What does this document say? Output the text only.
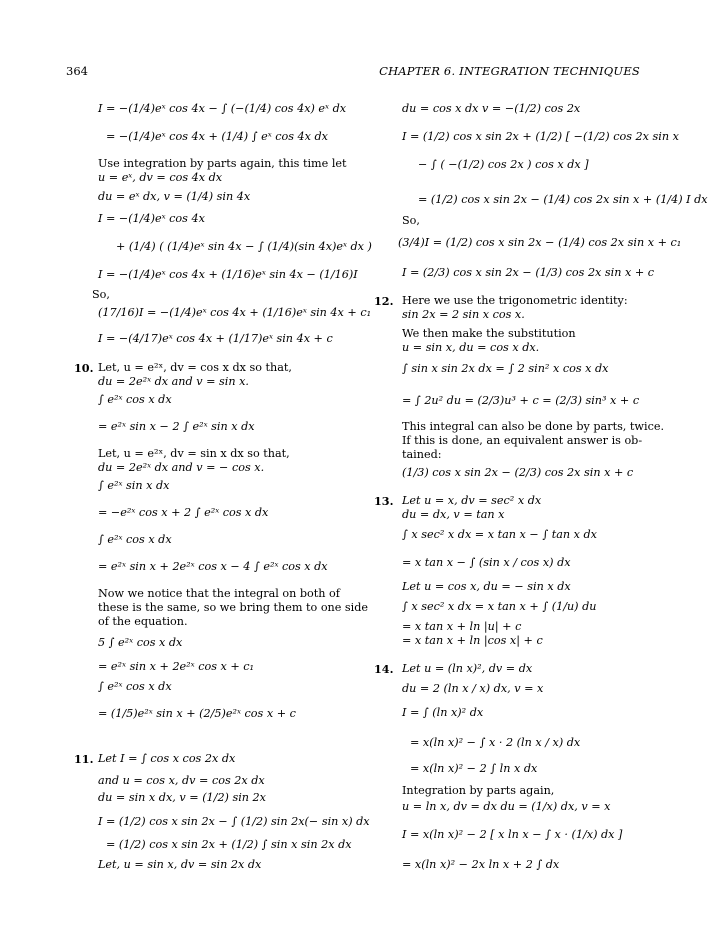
364	CHAPTER 6. INTEGRATION TECHNIQUES
10.
11.
I = −(1/4)eˣ cos 4x − ∫ (−(1/4) cos 4x) eˣ dx
= −(1/4)eˣ cos 4x + (1/4) ∫ eˣ cos 4x dx
Use integration by parts again, this time let
u = eˣ, dv = cos 4x dx
du = eˣ dx, v = (1/4) sin 4x
I = −(1/4)eˣ cos 4x
+ (1/4) ( (1/4)eˣ sin 4x − ∫ (1/4)(sin 4x)eˣ dx )
I = −(1/4)eˣ cos 4x + (1/16)eˣ sin 4x − (1/16)I
So,
(17/16)I = −(1/4)eˣ cos 4x + (1/16)eˣ sin 4x + c₁
I = −(4/17)eˣ cos 4x + (1/17)eˣ sin 4x + c
Let, u = e²ˣ, dv = cos x dx so that,
du = 2e²ˣ dx and v = sin x.
∫ e²ˣ cos x dx
= e²ˣ sin x − 2 ∫ e²ˣ sin x dx
Let, u = e²ˣ, dv = sin x dx so that,
du = 2e²ˣ dx and v = − cos x.
∫ e²ˣ sin x dx
= −e²ˣ cos x + 2 ∫ e²ˣ cos x dx
∫ e²ˣ cos x dx
= e²ˣ sin x + 2e²ˣ cos x − 4 ∫ e²ˣ cos x dx
Now we notice that the integral on both of
these is the same, so we bring them to one side
of the equation.
5 ∫ e²ˣ cos x dx
= e²ˣ sin x + 2e²ˣ cos x + c₁
∫ e²ˣ cos x dx
= (1/5)e²ˣ sin x + (2/5)e²ˣ cos x + c
Let I = ∫ cos x cos 2x dx
and u = cos x, dv = cos 2x dx
du = sin x dx, v = (1/2) sin 2x
I = (1/2) cos x sin 2x − ∫ (1/2) sin 2x(− sin x) dx
= (1/2) cos x sin 2x + (1/2) ∫ sin x sin 2x dx
Let, u = sin x, dv = sin 2x dx
12.
13.
14.
du = cos x dx v = −(1/2) cos 2x
I = (1/2) cos x sin 2x + (1/2) [ −(1/2) cos 2x sin x
− ∫ ( −(1/2) cos 2x ) cos x dx ]
= (1/2) cos x sin 2x − (1/4) cos 2x sin x + (1/4) I dx
So,
(3/4)I = (1/2) cos x sin 2x − (1/4) cos 2x sin x + c₁
I = (2/3) cos x sin 2x − (1/3) cos 2x sin x + c
Here we use the trigonometric identity:
sin 2x = 2 sin x cos x.
We then make the substitution
u = sin x, du = cos x dx.
∫ sin x sin 2x dx = ∫ 2 sin² x cos x dx
= ∫ 2u² du = (2/3)u³ + c = (2/3) sin³ x + c
This integral can also be done by parts, twice.
If this is done, an equivalent answer is ob-
tained:
(1/3) cos x sin 2x − (2/3) cos 2x sin x + c
Let u = x, dv = sec² x dx
du = dx, v = tan x
∫ x sec² x dx = x tan x − ∫ tan x dx
= x tan x − ∫ (sin x / cos x) dx
Let u = cos x, du = − sin x dx
∫ x sec² x dx = x tan x + ∫ (1/u) du
= x tan x + ln |u| + c
= x tan x + ln |cos x| + c
Let u = (ln x)², dv = dx
du = 2 (ln x / x) dx, v = x
I = ∫ (ln x)² dx
= x(ln x)² − ∫ x · 2 (ln x / x) dx
= x(ln x)² − 2 ∫ ln x dx
Integration by parts again,
u = ln x, dv = dx du = (1/x) dx, v = x
I = x(ln x)² − 2 [ x ln x − ∫ x · (1/x) dx ]
= x(ln x)² − 2x ln x + 2 ∫ dx
